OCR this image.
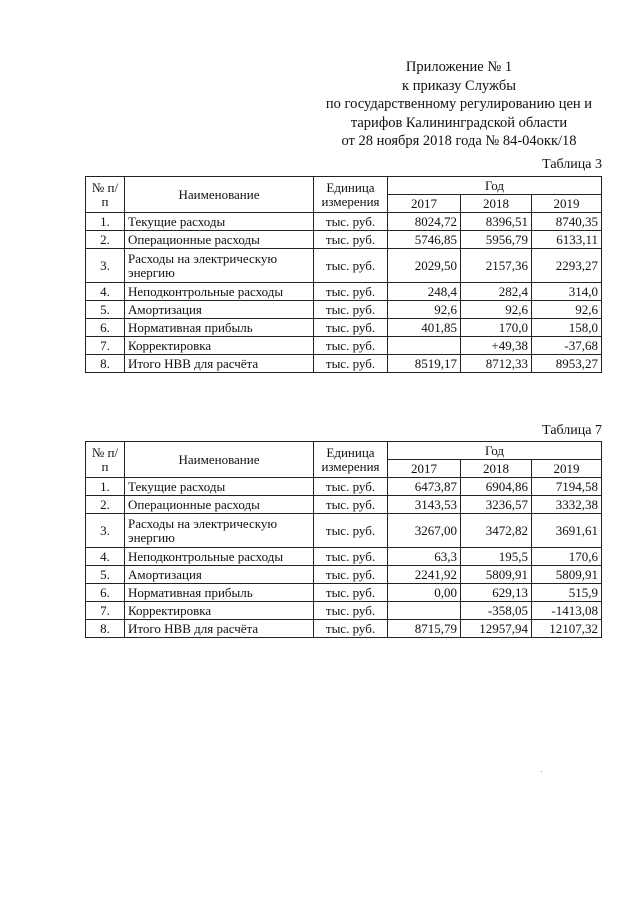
Приложение № 1
к приказу Службы
по государственному регулированию цен и
тарифов Калининградской области
от 28 ноября 2018 года № 84-04окк/18
Таблица 3
№ п/п	Наименование	Единица измерения	Год		
			2017	2018	2019
1.	Текущие расходы	тыс. руб.	8024,72	8396,51	8740,35
2.	Операционные расходы	тыс. руб.	5746,85	5956,79	6133,11
3.	Расходы на электрическую энергию	тыс. руб.	2029,50	2157,36	2293,27
4.	Неподконтрольные расходы	тыс. руб.	248,4	282,4	314,0
5.	Амортизация	тыс. руб.	92,6	92,6	92,6
6.	Нормативная прибыль	тыс. руб.	401,85	170,0	158,0
7.	Корректировка	тыс. руб.		+49,38	-37,68
8.	Итого НВВ для расчёта	тыс. руб.	8519,17	8712,33	8953,27
Таблица 7
№ п/п	Наименование	Единица измерения	Год		
			2017	2018	2019
1.	Текущие расходы	тыс. руб.	6473,87	6904,86	7194,58
2.	Операционные расходы	тыс. руб.	3143,53	3236,57	3332,38
3.	Расходы на электрическую энергию	тыс. руб.	3267,00	3472,82	3691,61
4.	Неподконтрольные расходы	тыс. руб.	63,3	195,5	170,6
5.	Амортизация	тыс. руб.	2241,92	5809,91	5809,91
6.	Нормативная прибыль	тыс. руб.	0,00	629,13	515,9
7.	Корректировка	тыс. руб.		-358,05	-1413,08
8.	Итого НВВ для расчёта	тыс. руб.	8715,79	12957,94	12107,32
